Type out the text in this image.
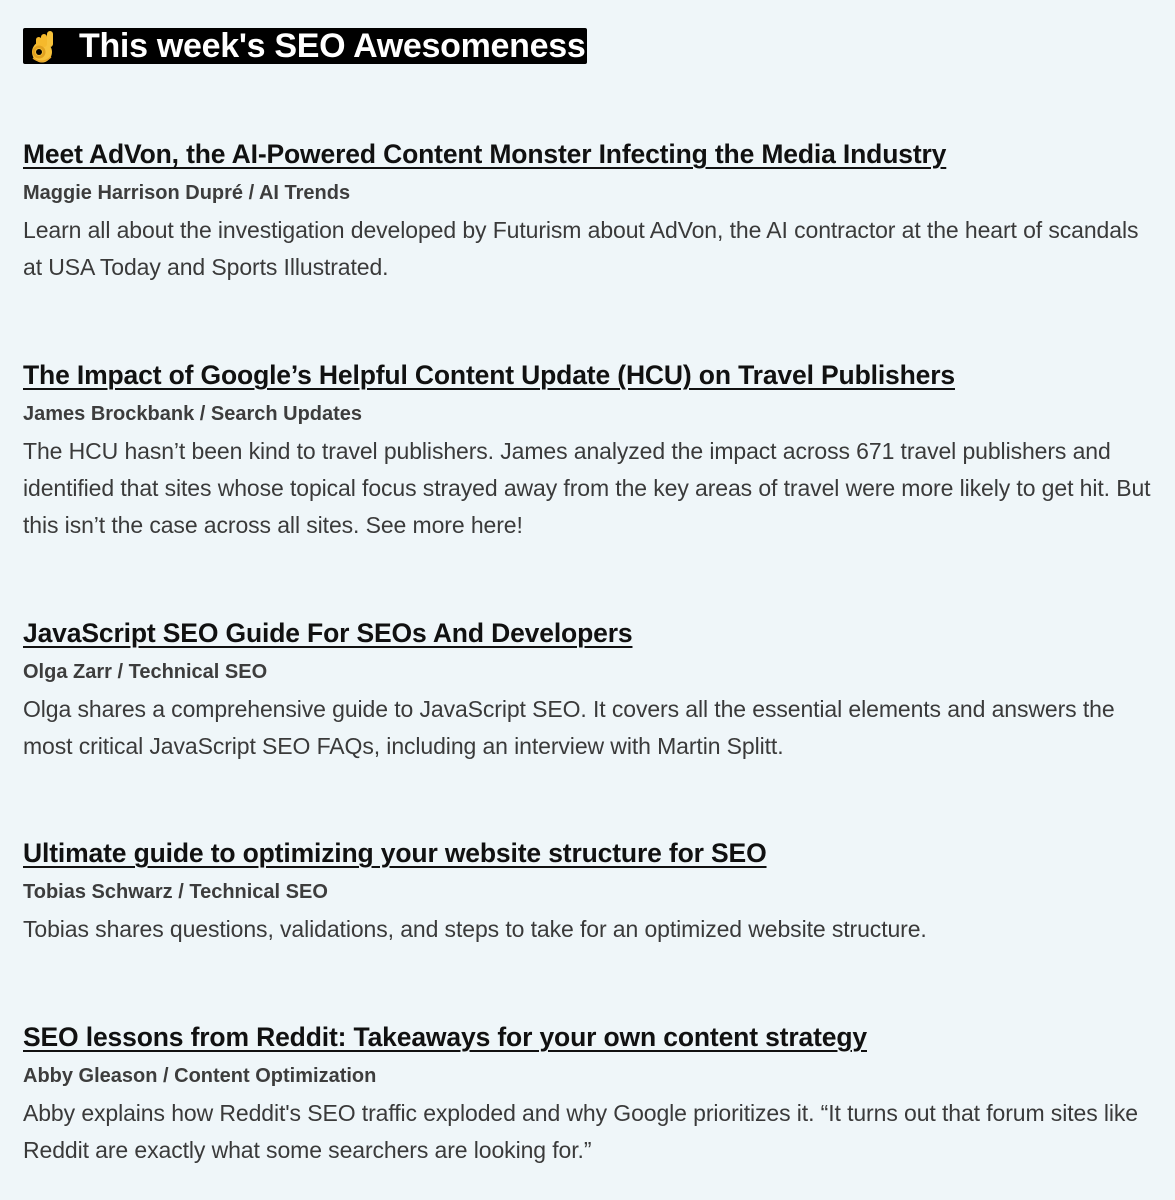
This week's SEO Awesomeness
Meet AdVon, the AI-Powered Content Monster Infecting the Media Industry
Maggie Harrison Dupré / AI Trends
Learn all about the investigation developed by Futurism about AdVon, the AI contractor at the heart of scandals at USA Today and Sports Illustrated.
The Impact of Google’s Helpful Content Update (HCU) on Travel Publishers
James Brockbank / Search Updates
The HCU hasn’t been kind to travel publishers. James analyzed the impact across 671 travel publishers and identified that sites whose topical focus strayed away from the key areas of travel were more likely to get hit. But this isn’t the case across all sites. See more here!
JavaScript SEO Guide For SEOs And Developers
Olga Zarr / Technical SEO
Olga shares a comprehensive guide to JavaScript SEO. It covers all the essential elements and answers the most critical JavaScript SEO FAQs, including an interview with Martin Splitt.
Ultimate guide to optimizing your website structure for SEO
Tobias Schwarz / Technical SEO
Tobias shares questions, validations, and steps to take for an optimized website structure.
SEO lessons from Reddit: Takeaways for your own content strategy
Abby Gleason / Content Optimization
Abby explains how Reddit's SEO traffic exploded and why Google prioritizes it. “It turns out that forum sites like Reddit are exactly what some searchers are looking for.”
